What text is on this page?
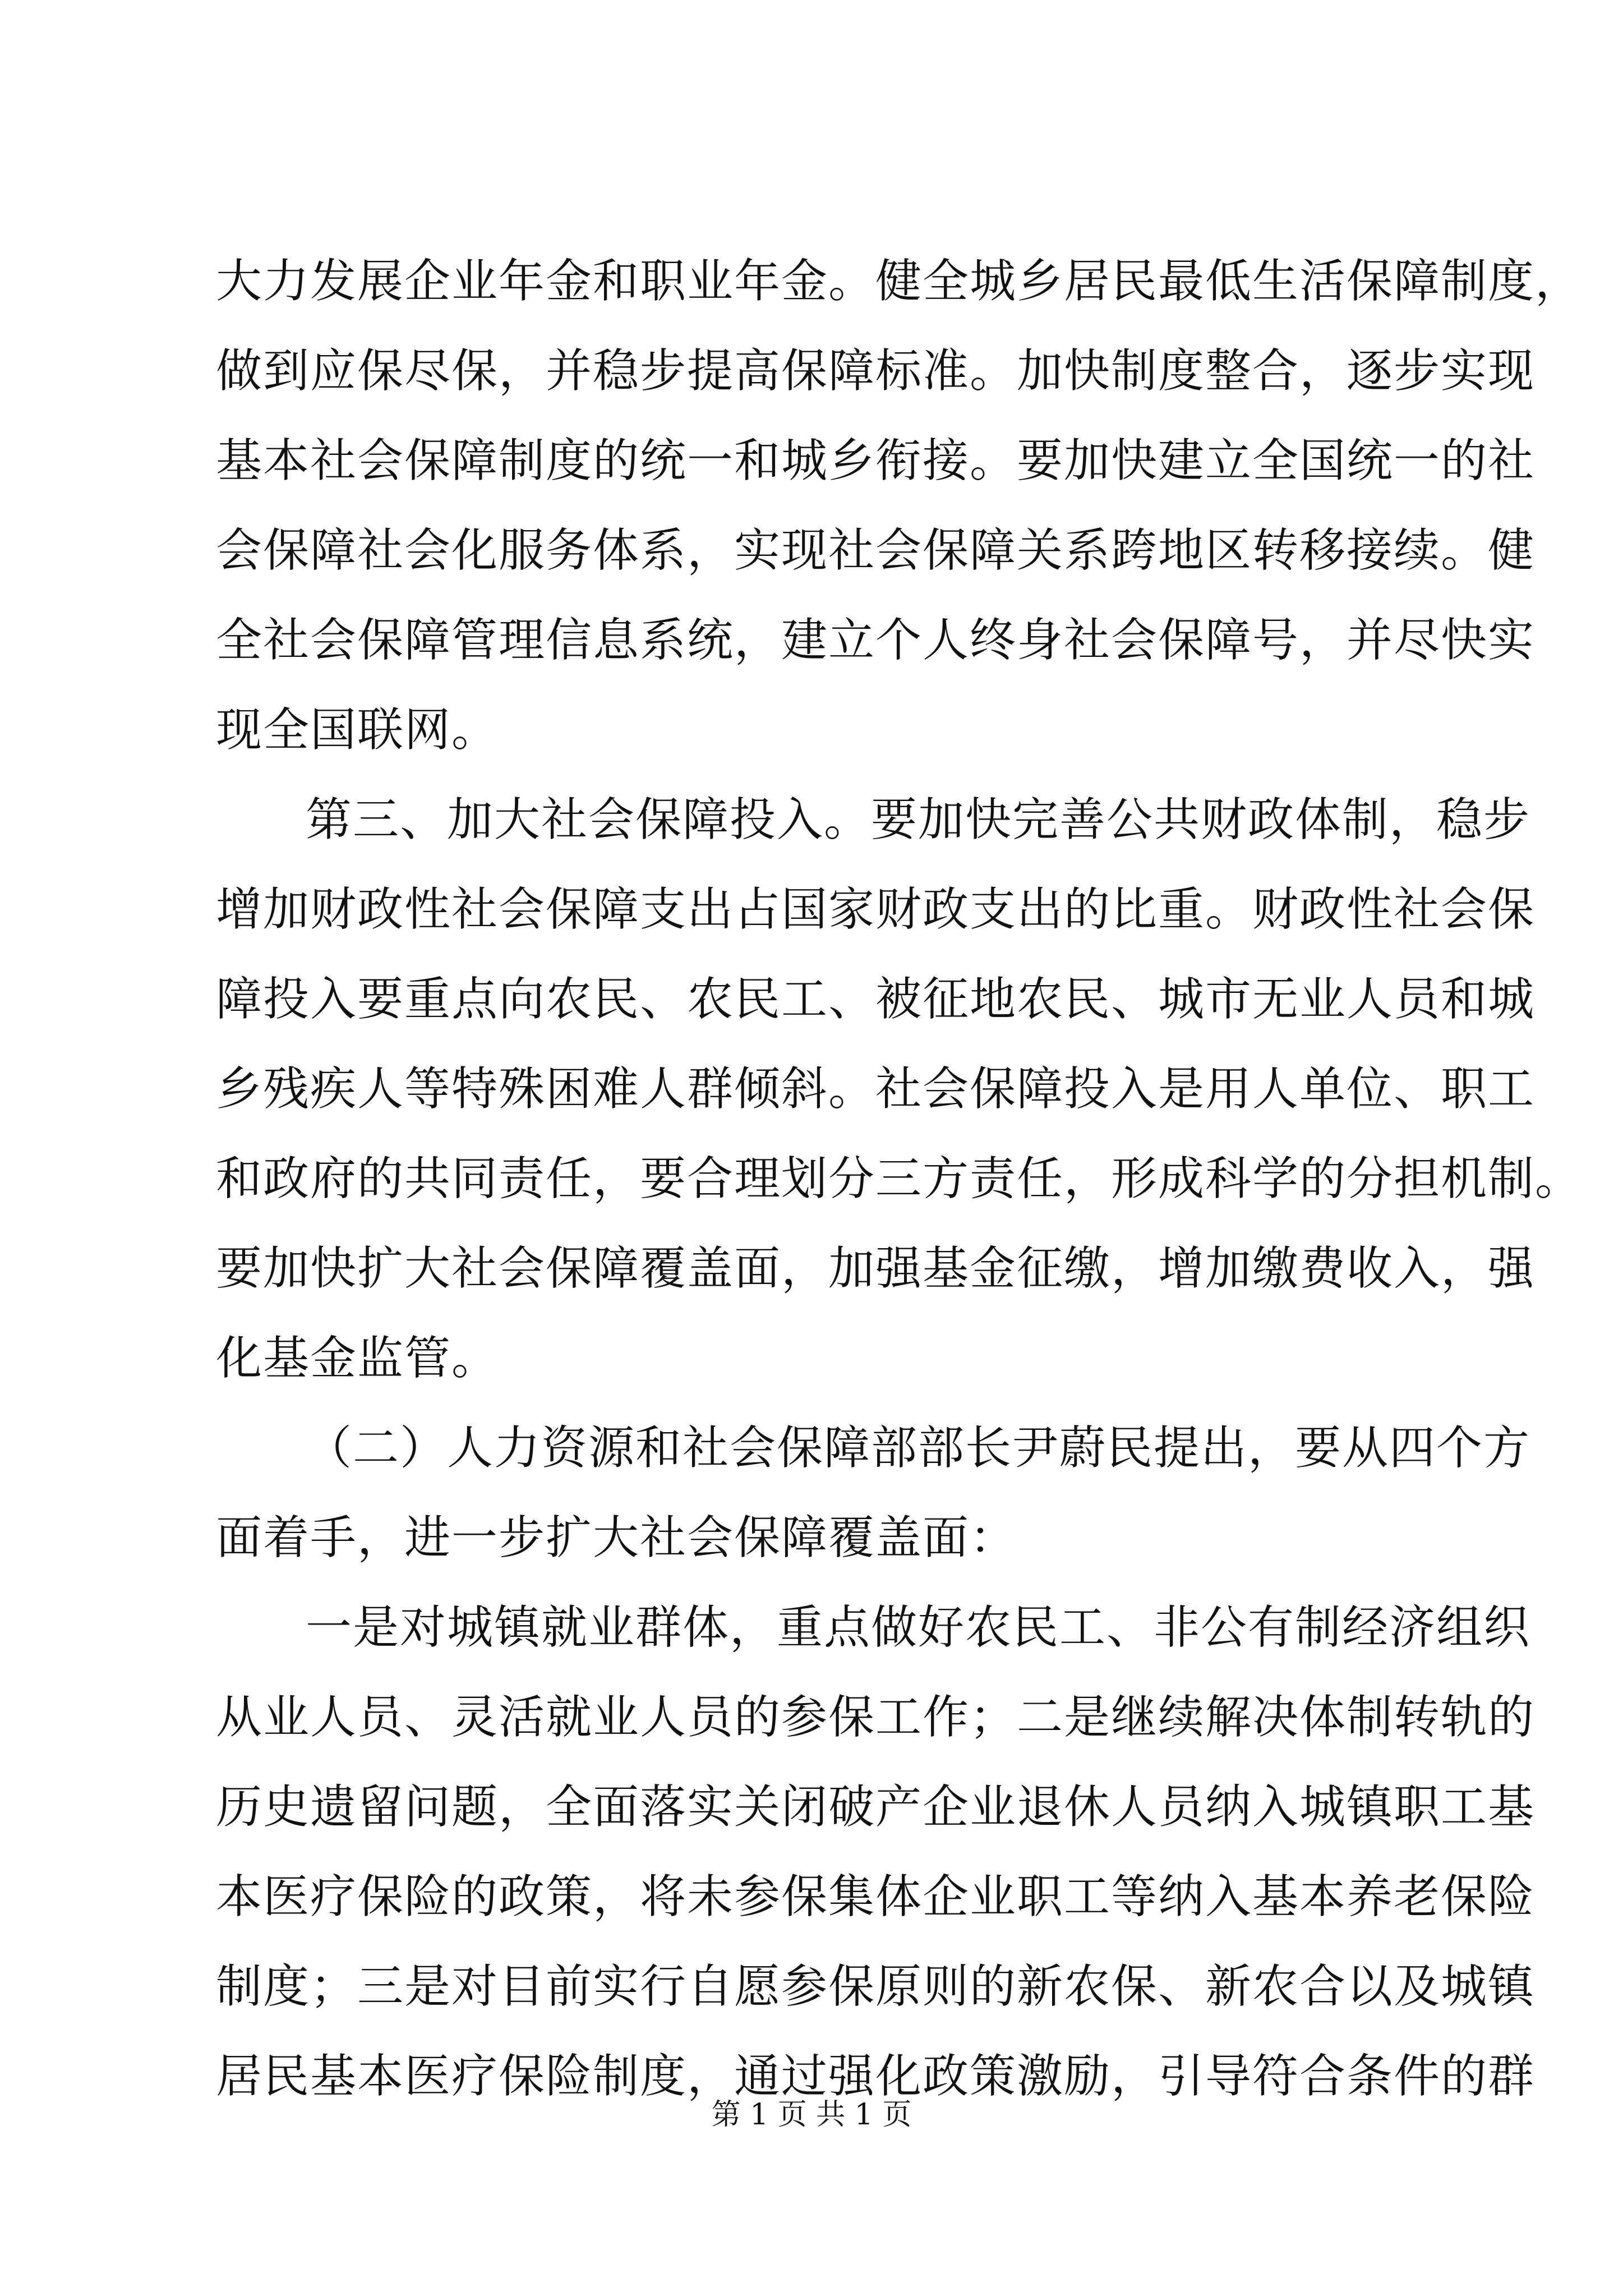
大力发展企业年金和职业年金。健全城乡居民最低生活保障制度，
做到应保尽保，并稳步提高保障标准。加快制度整合，逐步实现
基本社会保障制度的统一和城乡衔接。要加快建立全国统一的社
会保障社会化服务体系，实现社会保障关系跨地区转移接续。健
全社会保障管理信息系统，建立个人终身社会保障号，并尽快实
现全国联网。
第三、加大社会保障投入。要加快完善公共财政体制，稳步
增加财政性社会保障支出占国家财政支出的比重。财政性社会保
障投入要重点向农民、农民工、被征地农民、城市无业人员和城
乡残疾人等特殊困难人群倾斜。社会保障投入是用人单位、职工
和政府的共同责任，要合理划分三方责任，形成科学的分担机制。
要加快扩大社会保障覆盖面，加强基金征缴，增加缴费收入，强
化基金监管。
（二）人力资源和社会保障部部长尹蔚民提出，要从四个方
面着手，进一步扩大社会保障覆盖面：
一是对城镇就业群体，重点做好农民工、非公有制经济组织
从业人员、灵活就业人员的参保工作；二是继续解决体制转轨的
历史遗留问题，全面落实关闭破产企业退休人员纳入城镇职工基
本医疗保险的政策，将未参保集体企业职工等纳入基本养老保险
制度；三是对目前实行自愿参保原则的新农保、新农合以及城镇
居民基本医疗保险制度，通过强化政策激励，引导符合条件的群
第 1 页 共 1 页
